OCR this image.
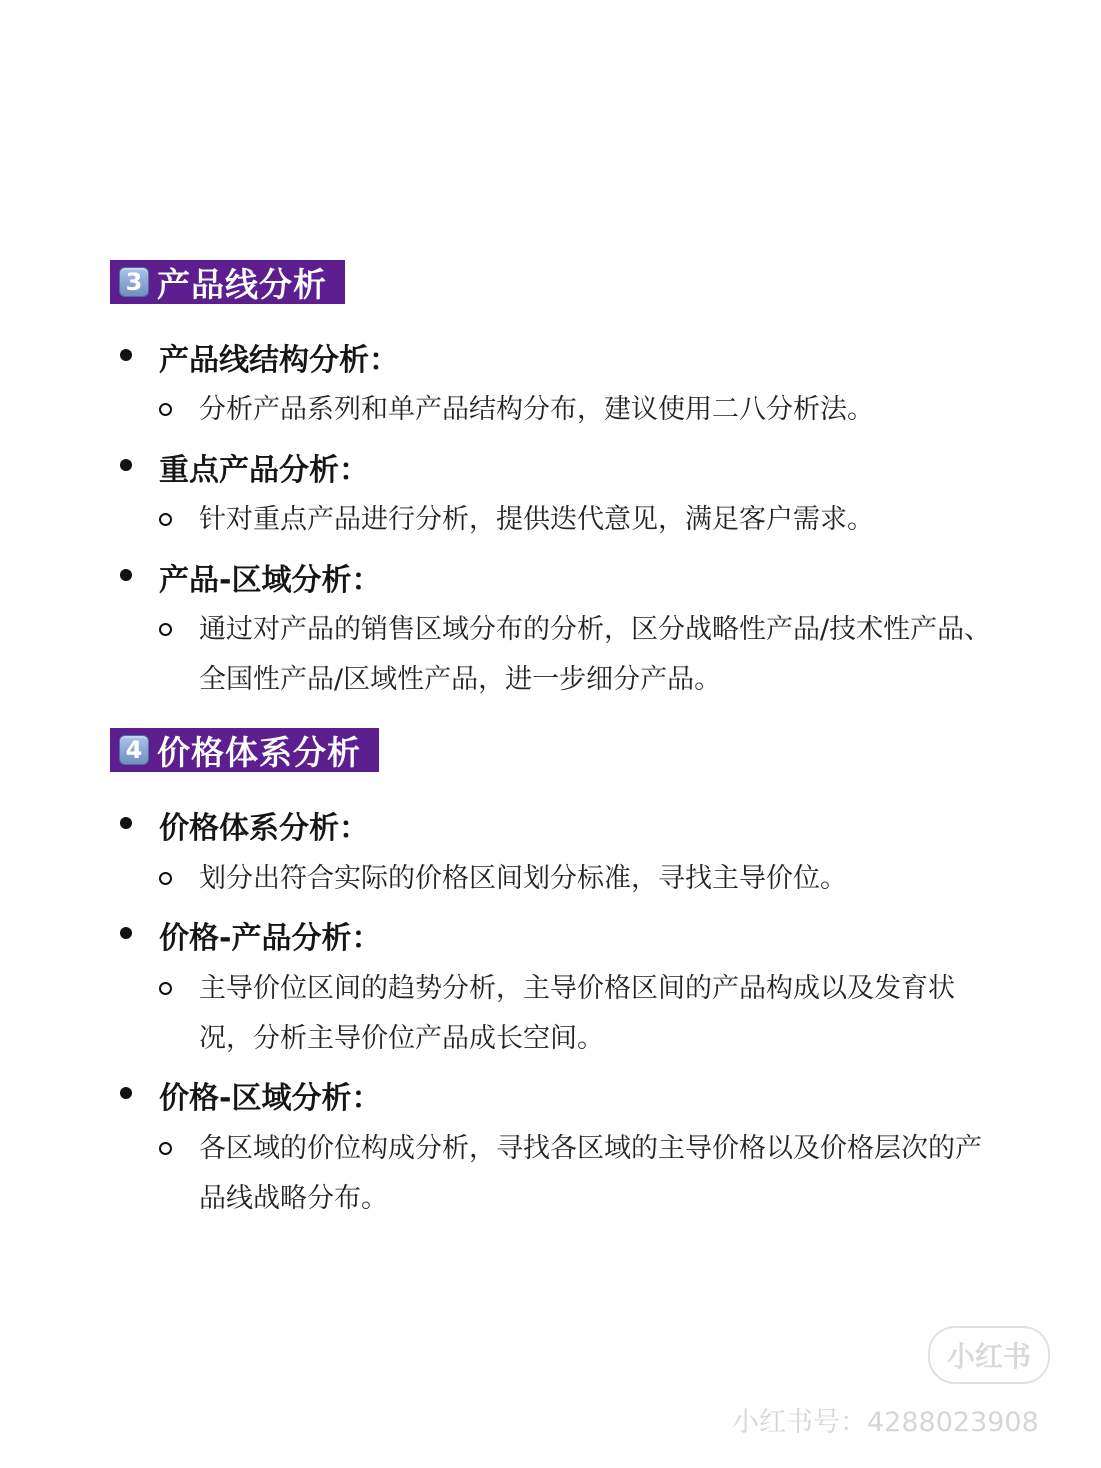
3 产品线分析
产品线结构分析：
分析产品系列和单产品结构分布，建议使用二八分析法。
重点产品分析：
针对重点产品进行分析，提供迭代意见，满足客户需求。
产品-区域分析：
通过对产品的销售区域分布的分析，区分战略性产品/技术性产品、全国性产品/区域性产品，进一步细分产品。
4 价格体系分析
价格体系分析：
划分出符合实际的价格区间划分标准，寻找主导价位。
价格-产品分析：
主导价位区间的趋势分析，主导价格区间的产品构成以及发育状况，分析主导价位产品成长空间。
价格-区域分析：
各区域的价位构成分析，寻找各区域的主导价格以及价格层次的产品线战略分布。
小红书
小红书号：4288023908
